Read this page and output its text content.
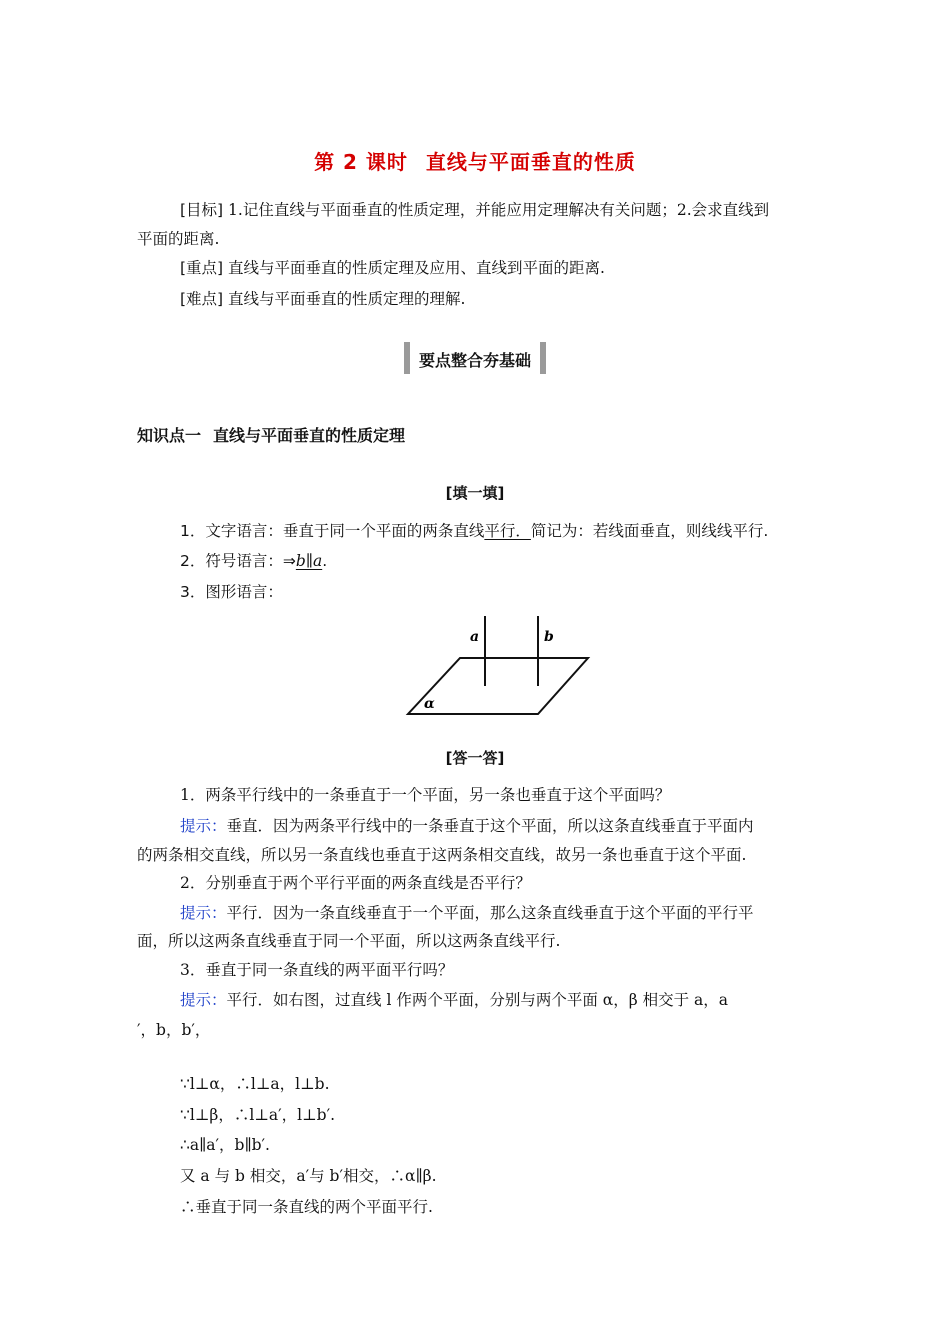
第 2 课时 直线与平面垂直的性质
[目标] 1.记住直线与平面垂直的性质定理，并能应用定理解决有关问题；2.会求直线到
平面的距离.
[重点] 直线与平面垂直的性质定理及应用、直线到平面的距离.
[难点] 直线与平面垂直的性质定理的理解.
要点整合夯基础
知识点一 直线与平面垂直的性质定理
[填一填]
1．文字语言：垂直于同一个平面的两条直线平行．简记为：若线面垂直，则线线平行.
2．符号语言：⇒b∥a.
3．图形语言：
a	b
α
[答一答]
1．两条平行线中的一条垂直于一个平面，另一条也垂直于这个平面吗？
提示：垂直．因为两条平行线中的一条垂直于这个平面，所以这条直线垂直于平面内
的两条相交直线，所以另一条直线也垂直于这两条相交直线，故另一条也垂直于这个平面.
2．分别垂直于两个平行平面的两条直线是否平行？
提示：平行．因为一条直线垂直于一个平面，那么这条直线垂直于这个平面的平行平
面，所以这两条直线垂直于同一个平面，所以这两条直线平行.
3．垂直于同一条直线的两平面平行吗？
提示：平行．如右图，过直线 l 作两个平面，分别与两个平面 α，β 相交于 a，a
′，b，b′，
∵l⊥α，∴l⊥a，l⊥b.
∵l⊥β，∴l⊥a′，l⊥b′.
∴a∥a′，b∥b′.
又 a 与 b 相交，a′与 b′相交，∴α∥β.
∴垂直于同一条直线的两个平面平行.
